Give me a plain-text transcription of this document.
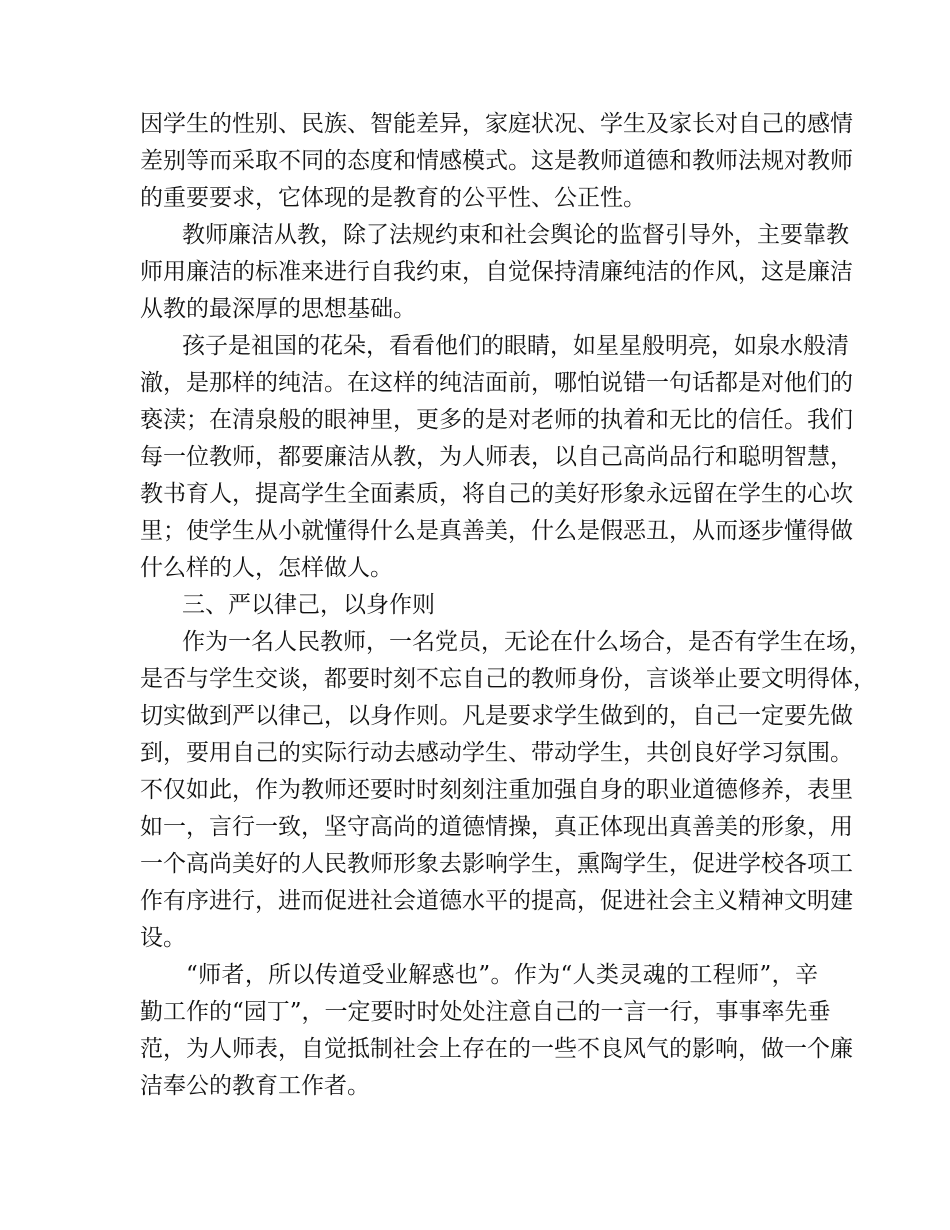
因学生的性别、民族、智能差异，家庭状况、学生及家长对自己的感情
差别等而采取不同的态度和情感模式。这是教师道德和教师法规对教师
的重要要求，它体现的是教育的公平性、公正性。
教师廉洁从教，除了法规约束和社会舆论的监督引导外，主要靠教
师用廉洁的标准来进行自我约束，自觉保持清廉纯洁的作风，这是廉洁
从教的最深厚的思想基础。
孩子是祖国的花朵，看看他们的眼睛，如星星般明亮，如泉水般清
澈，是那样的纯洁。在这样的纯洁面前，哪怕说错一句话都是对他们的
亵渎；在清泉般的眼神里，更多的是对老师的执着和无比的信任。我们
每一位教师，都要廉洁从教，为人师表，以自己高尚品行和聪明智慧，
教书育人，提高学生全面素质，将自己的美好形象永远留在学生的心坎
里；使学生从小就懂得什么是真善美，什么是假恶丑，从而逐步懂得做
什么样的人，怎样做人。
三、严以律己，以身作则
作为一名人民教师，一名党员，无论在什么场合，是否有学生在场，
是否与学生交谈，都要时刻不忘自己的教师身份，言谈举止要文明得体，
切实做到严以律己，以身作则。凡是要求学生做到的，自己一定要先做
到，要用自己的实际行动去感动学生、带动学生，共创良好学习氛围。
不仅如此，作为教师还要时时刻刻注重加强自身的职业道德修养，表里
如一，言行一致，坚守高尚的道德情操，真正体现出真善美的形象，用
一个高尚美好的人民教师形象去影响学生，熏陶学生，促进学校各项工
作有序进行，进而促进社会道德水平的提高，促进社会主义精神文明建
设。
“师者，所以传道受业解惑也”。作为“人类灵魂的工程师”，辛
勤工作的“园丁”，一定要时时处处注意自己的一言一行，事事率先垂
范，为人师表，自觉抵制社会上存在的一些不良风气的影响，做一个廉
洁奉公的教育工作者。
